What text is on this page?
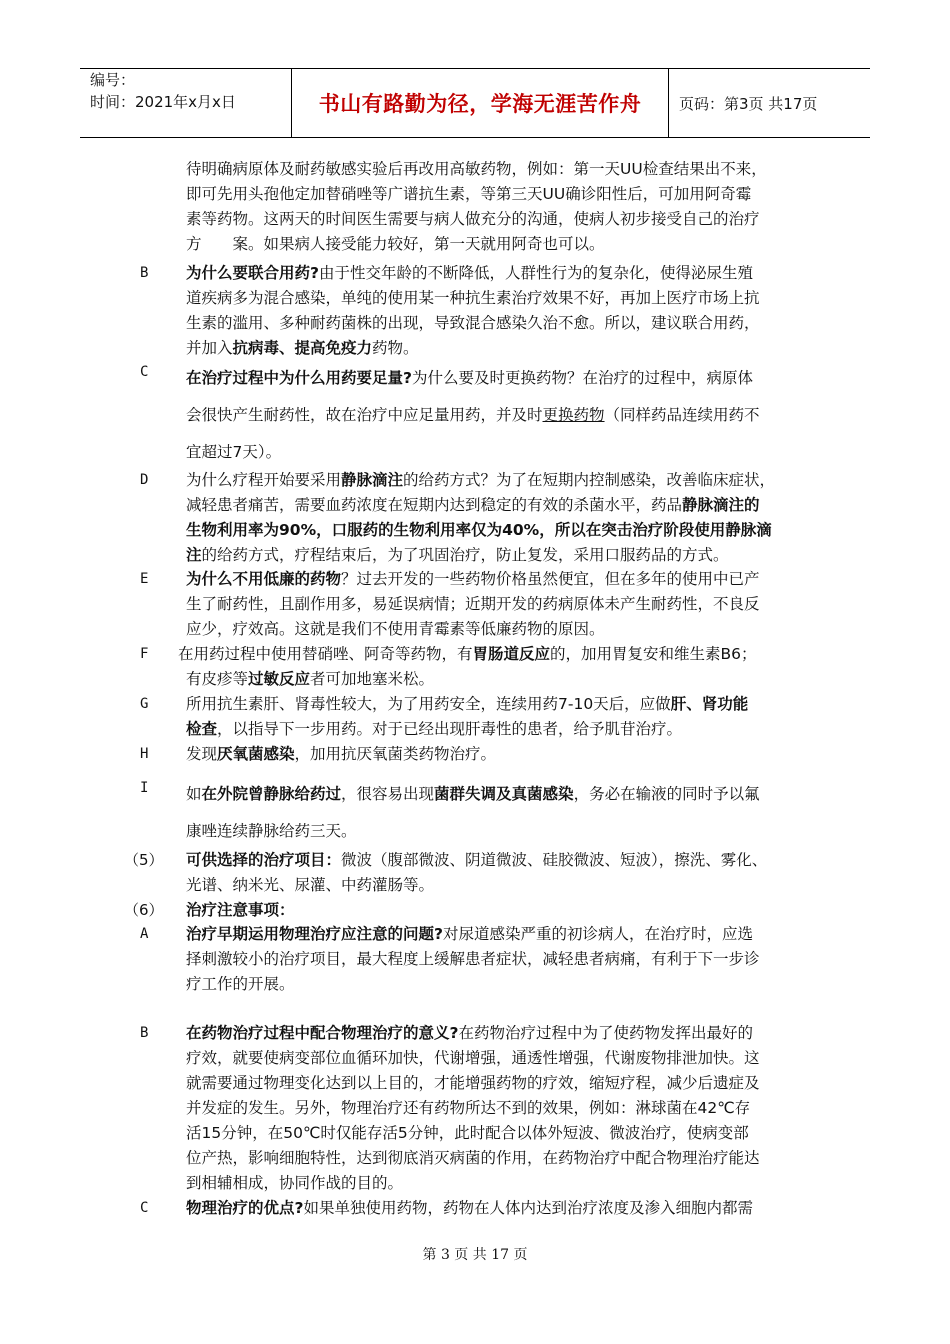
编号：
时间：2021年x月x日	书山有路勤为径，学海无涯苦作舟	页码：第3页 共17页
待明确病原体及耐药敏感实验后再改用高敏药物，例如：第一天UU检查结果出不来，
即可先用头孢他定加替硝唑等广谱抗生素，等第三天UU确诊阳性后，可加用阿奇霉
素等药物。这两天的时间医生需要与病人做充分的沟通，使病人初步接受自己的治疗
方　　案。如果病人接受能力较好，第一天就用阿奇也可以。
B	为什么要联合用药?由于性交年龄的不断降低，人群性行为的复杂化，使得泌尿生殖
道疾病多为混合感染，单纯的使用某一种抗生素治疗效果不好，再加上医疗市场上抗
生素的滥用、多种耐药菌株的出现，导致混合感染久治不愈。所以，建议联合用药，
并加入抗病毒、提高免疫力药物。
C	在治疗过程中为什么用药要足量?为什么要及时更换药物？在治疗的过程中，病原体
会很快产生耐药性，故在治疗中应足量用药，并及时更换药物（同样药品连续用药不
宜超过7天）。
D	为什么疗程开始要采用静脉滴注的给药方式？为了在短期内控制感染，改善临床症状，
减轻患者痛苦，需要血药浓度在短期内达到稳定的有效的杀菌水平，药品静脉滴注的
生物利用率为90%，口服药的生物利用率仅为40%，所以在突击治疗阶段使用静脉滴
注的给药方式，疗程结束后，为了巩固治疗，防止复发，采用口服药品的方式。
E	为什么不用低廉的药物？过去开发的一些药物价格虽然便宜，但在多年的使用中已产
生了耐药性，且副作用多，易延误病情；近期开发的药病原体未产生耐药性，不良反
应少，疗效高。这就是我们不使用青霉素等低廉药物的原因。
F	在用药过程中使用替硝唑、阿奇等药物，有胃肠道反应的，加用胃复安和维生素B6；
有皮疹等过敏反应者可加地塞米松。
G	所用抗生素肝、肾毒性较大，为了用药安全，连续用药7-10天后，应做肝、肾功能
检查，以指导下一步用药。对于已经出现肝毒性的患者，给予肌苷治疗。
H	发现厌氧菌感染，加用抗厌氧菌类药物治疗。
I	如在外院曾静脉给药过，很容易出现菌群失调及真菌感染，务必在输液的同时予以氟
康唑连续静脉给药三天。
（5）	可供选择的治疗项目：微波（腹部微波、阴道微波、硅胶微波、短波），擦洗、雾化、
光谱、纳米光、尿灌、中药灌肠等。
（6）	治疗注意事项：
A	治疗早期运用物理治疗应注意的问题?对尿道感染严重的初诊病人，在治疗时，应选
择刺激较小的治疗项目，最大程度上缓解患者症状，减轻患者病痛，有利于下一步诊
疗工作的开展。
B	在药物治疗过程中配合物理治疗的意义?在药物治疗过程中为了使药物发挥出最好的
疗效，就要使病变部位血循环加快，代谢增强，通透性增强，代谢废物排泄加快。这
就需要通过物理变化达到以上目的，才能增强药物的疗效，缩短疗程，减少后遗症及
并发症的发生。另外，物理治疗还有药物所达不到的效果，例如：淋球菌在42℃存
活15分钟，在50℃时仅能存活5分钟，此时配合以体外短波、微波治疗，使病变部
位产热，影响细胞特性，达到彻底消灭病菌的作用，在药物治疗中配合物理治疗能达
到相辅相成，协同作战的目的。
C	物理治疗的优点?如果单独使用药物，药物在人体内达到治疗浓度及渗入细胞内都需
第 3 页 共 17 页
